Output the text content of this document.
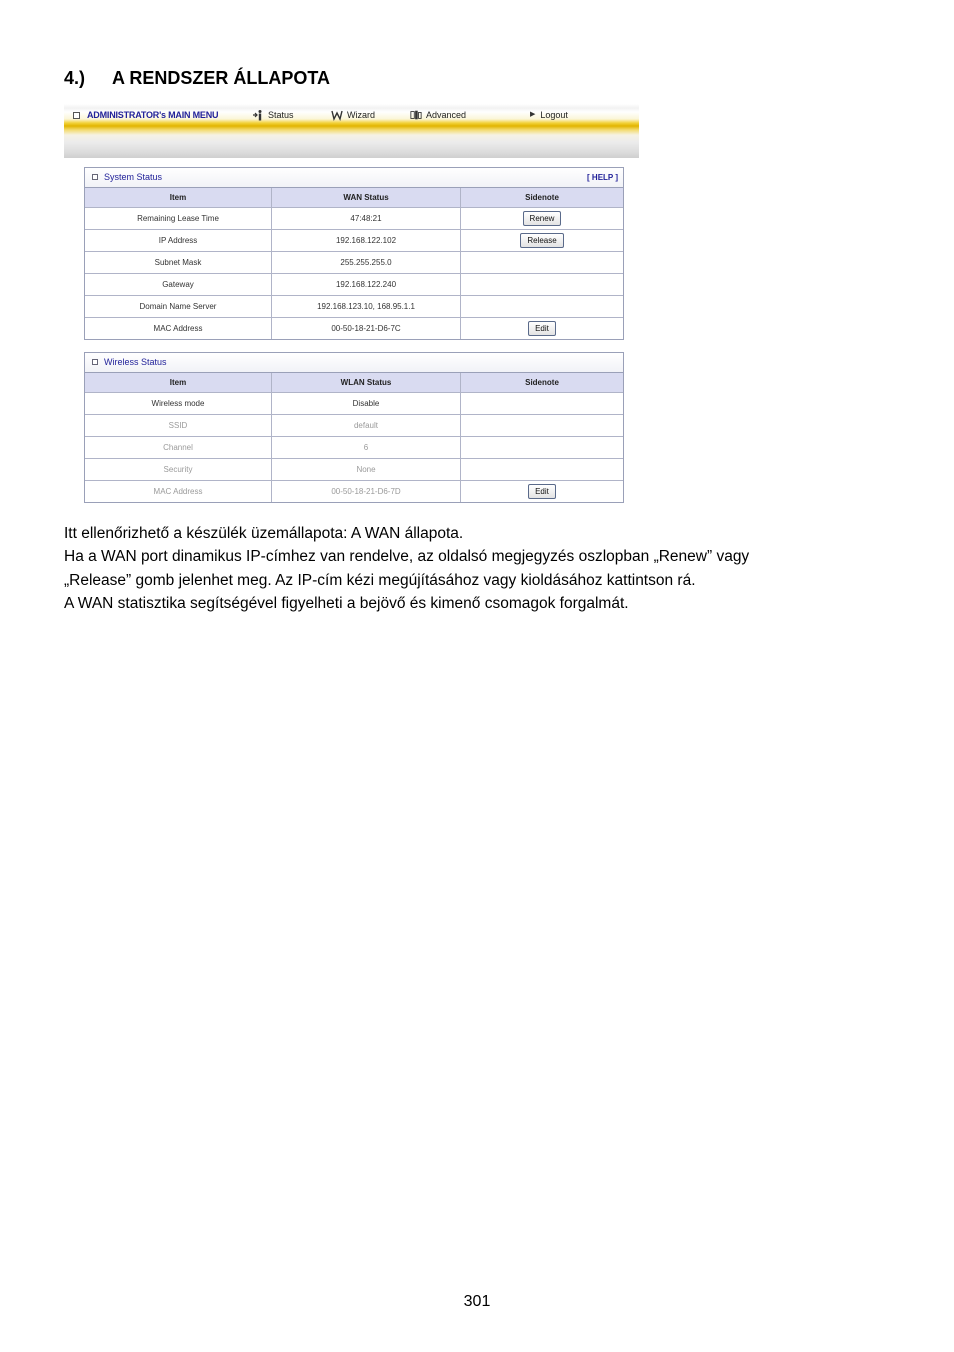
4.) A RENDSZER ÁLLAPOTA
ADMINISTRATOR's MAIN MENU	Status	Wizard	Advanced	▶ Logout
System Status	[ HELP ]
Item	WAN Status	Sidenote
Remaining Lease Time	47:48:21	Renew
IP Address	192.168.122.102	Release
Subnet Mask	255.255.255.0	
Gateway	192.168.122.240	
Domain Name Server	192.168.123.10, 168.95.1.1	
MAC Address	00-50-18-21-D6-7C	Edit
Wireless Status
Item	WLAN Status	Sidenote
Wireless mode	Disable	
SSID	default	
Channel	6	
Security	None	
MAC Address	00-50-18-21-D6-7D	Edit

Itt ellenőrizhető a készülék üzemállapota: A WAN állapota.

Ha a WAN port dinamikus IP-címhez van rendelve, az oldalsó megjegyzés oszlopban „Renew” vagy

„Release” gomb jelenhet meg. Az IP-cím kézi megújításához vagy kioldásához kattintson rá.

A WAN statisztika segítségével figyelheti a bejövő és kimenő csomagok forgalmát.

301
